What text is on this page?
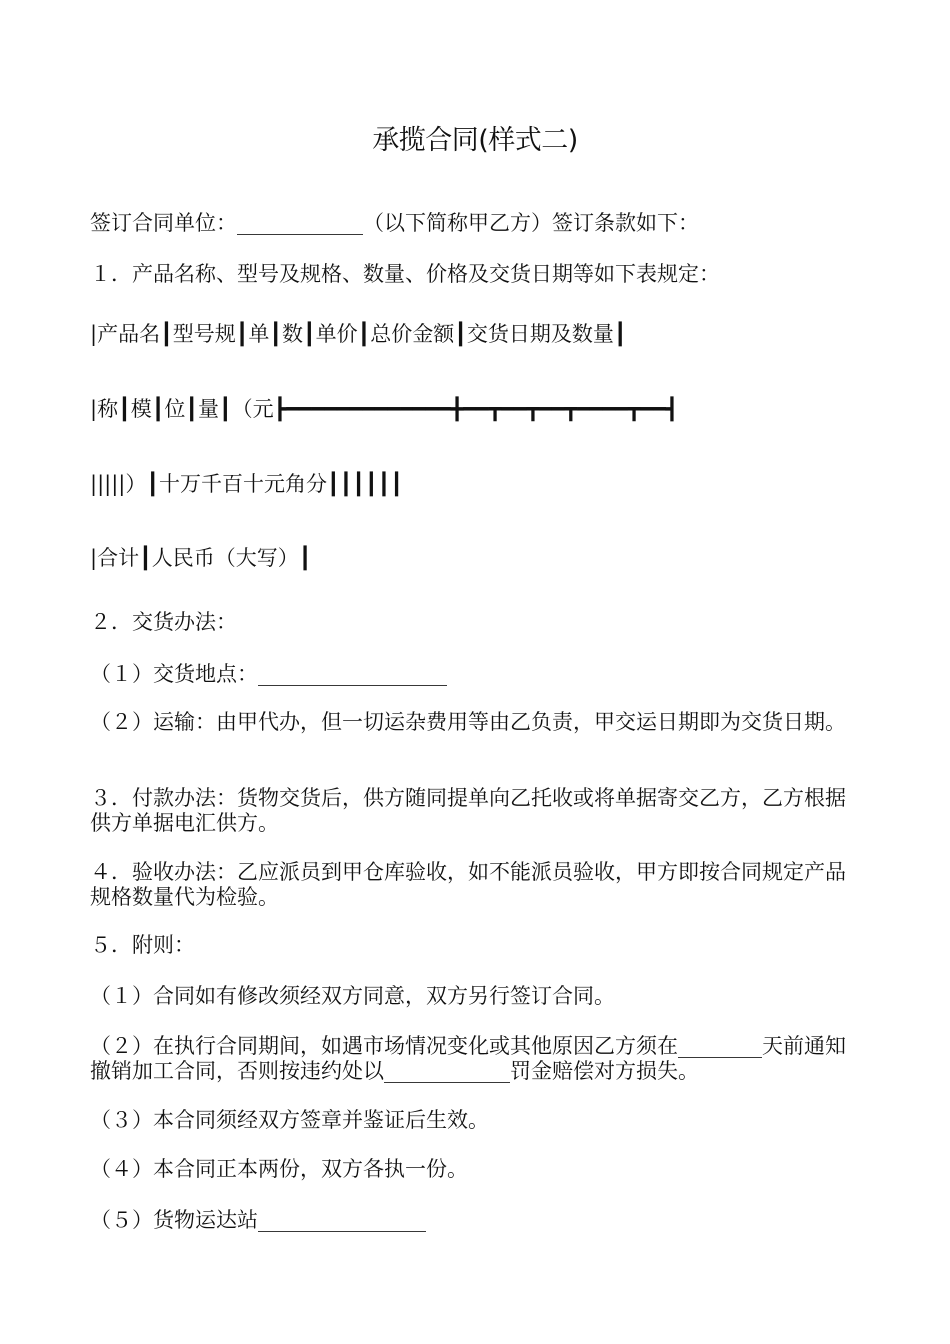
承揽合同(样式二)
签订合同单位：____________（以下简称甲乙方）签订条款如下：
１．产品名称、型号及规格、数量、价格及交货日期等如下表规定：
|产品名┃型号规┃单┃数┃单价┃总价金额┃交货日期及数量┃
|称┃模┃位┃量┃（元┣━━━━━━━━━━━━━╋━━┳━━┳━━┳━━━━┳━━┫
|||||）┃十万千百十元角分┃┃┃┃┃┃
|合计┃人民币（大写）┃
２．交货办法：
（１）交货地点：__________________
（２）运输：由甲代办，但一切运杂费用等由乙负责，甲交运日期即为交货日期。
３．付款办法：货物交货后，供方随同提单向乙托收或将单据寄交乙方，乙方根据供方单据电汇供方。
４．验收办法：乙应派员到甲仓库验收，如不能派员验收，甲方即按合同规定产品规格数量代为检验。
５．附则：
（１）合同如有修改须经双方同意，双方另行签订合同。
（２）在执行合同期间，如遇市场情况变化或其他原因乙方须在________天前通知撤销加工合同，否则按违约处以____________罚金赔偿对方损失。
（３）本合同须经双方签章并鉴证后生效。
（４）本合同正本两份，双方各执一份。
（５）货物运达站________________
